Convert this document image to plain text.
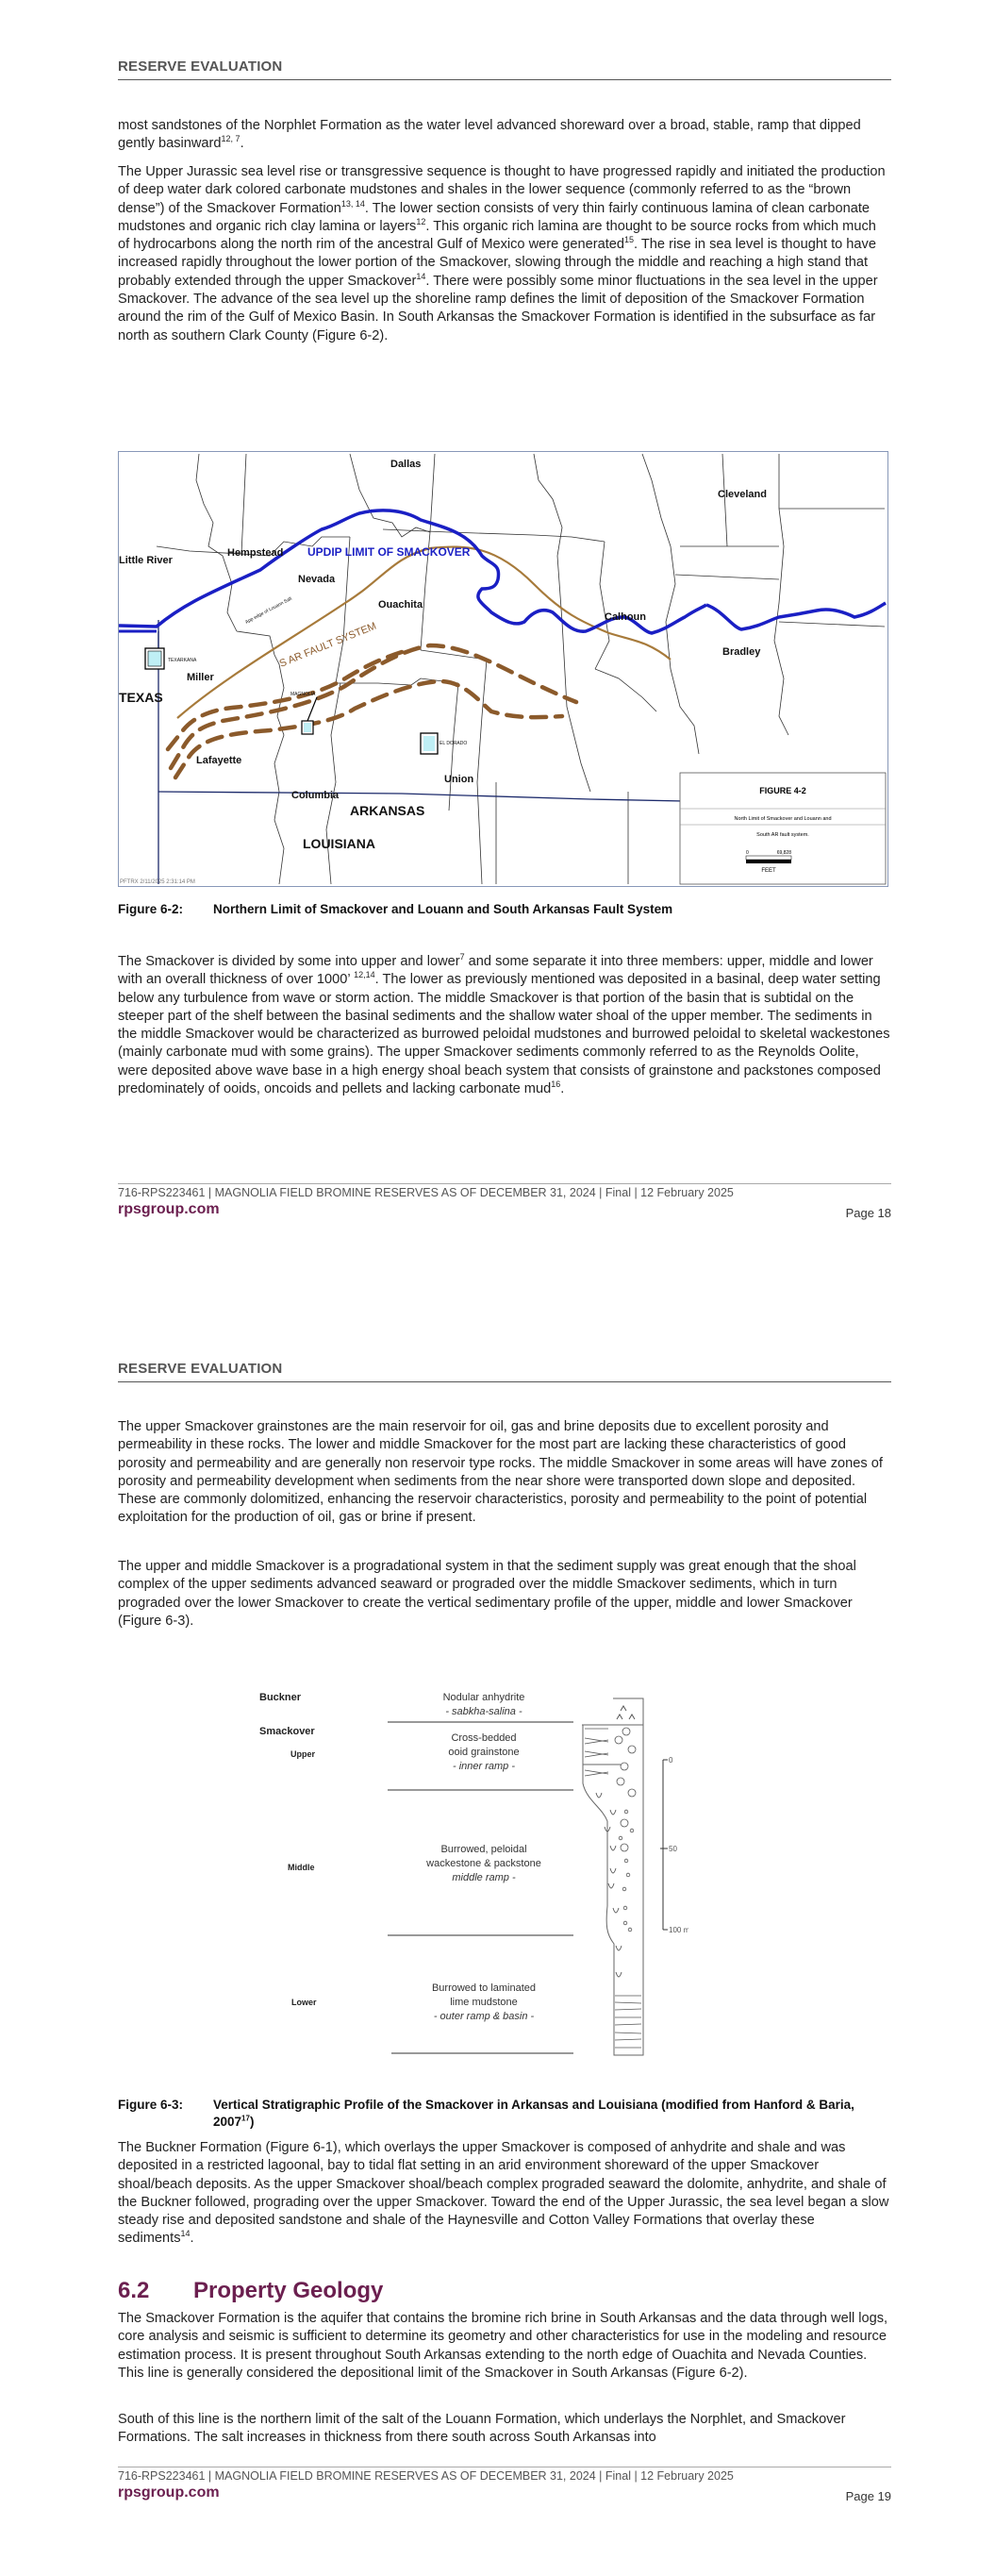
RESERVE EVALUATION

most sandstones of the Norphlet Formation as the water level advanced shoreward over a broad, stable, ramp that dipped gently basinward$^{12, 7}$.

The Upper Jurassic sea level rise or transgressive sequence is thought to have progressed rapidly and initiated the production of deep water dark colored carbonate mudstones and shales in the lower sequence (commonly referred to as the “brown dense”) of the Smackover Formation$^{13, 14}$. The lower section consists of very thin fairly continuous lamina of clean carbonate mudstones and organic rich clay lamina or layers$^{12}$. This organic rich lamina are thought to be source rocks from which much of hydrocarbons along the north rim of the ancestral Gulf of Mexico were generated$^{15}$. The rise in sea level is thought to have increased rapidly throughout the lower portion of the Smackover, slowing through the middle and reaching a high stand that probably extended through the upper Smackover$^{14}$. There were possibly some minor fluctuations in the sea level in the upper Smackover. The advance of the sea level up the shoreline ramp defines the limit of deposition of the Smackover Formation around the rim of the Gulf of Mexico Basin. In South Arkansas the Smackover Formation is identified in the subsurface as far north as southern Clark County (Figure 6-2).

Dallas
Cleveland
Little River
Hempstead
Nevada
Ouachita
Calhoun
Bradley
Miller
Lafayette
Columbia
Union
TEXAS
ARKANSAS
LOUISIANA
UPDIP LIMIT OF SMACKOVER
TEXARKANA
MAGNOLIA
EL DORADO
App edge of Louann Salt
S AR FAULT SYSTEM
FIGURE 4-2
North Limit of Smackover and Louann and
South AR fault system.
0	69,828
FEET
PFTRX 2/11/2025 2:31:14 PM
Figure 6-2: Northern Limit of Smackover and Louann and South Arkansas Fault System

The Smackover is divided by some into upper and lower$^7$ and some separate it into three members: upper, middle and lower with an overall thickness of over 1000’ $^{12,14}$. The lower as previously mentioned was deposited in a basinal, deep water setting below any turbulence from wave or storm action. The middle Smackover is that portion of the basin that is subtidal on the steeper part of the shelf between the basinal sediments and the shallow water shoal of the upper member. The sediments in the middle Smackover would be characterized as burrowed peloidal mudstones and burrowed peloidal to skeletal wackestones (mainly carbonate mud with some grains). The upper Smackover sediments commonly referred to as the Reynolds Oolite, were deposited above wave base in a high energy shoal beach system that consists of grainstone and packstones composed predominately of ooids, oncoids and pellets and lacking carbonate mud$^{16}$.

716-RPS223461 | MAGNOLIA FIELD BROMINE RESERVES AS OF DECEMBER 31, 2024 | Final | 12 February 2025
rpsgroup.com	Page 18
RESERVE EVALUATION

The upper Smackover grainstones are the main reservoir for oil, gas and brine deposits due to excellent porosity and permeability in these rocks. The lower and middle Smackover for the most part are lacking these characteristics of good porosity and permeability and are generally non reservoir type rocks. The middle Smackover in some areas will have zones of porosity and permeability development when sediments from the near shore were transported down slope and deposited. These are commonly dolomitized, enhancing the reservoir characteristics, porosity and permeability to the point of potential exploitation for the production of oil, gas or brine if present.

The upper and middle Smackover is a progradational system in that the sediment supply was great enough that the shoal complex of the upper sediments advanced seaward or prograded over the middle Smackover sediments, which in turn prograded over the lower Smackover to create the vertical sedimentary profile of the upper, middle and lower Smackover (Figure 6-3).

Buckner
Smackover
Upper
Middle
Lower
Nodular anhydrite
- sabkha-salina -
Cross-bedded
ooid grainstone
- inner ramp -
Burrowed, peloidal
wackestone & packstone
middle ramp -
Burrowed to laminated
lime mudstone
- outer ramp & basin -
0
50
100 m
Figure 6-3: Vertical Stratigraphic Profile of the Smackover in Arkansas and Louisiana (modified from Hanford & Baria, 2007$^{17}$)

The Buckner Formation (Figure 6-1), which overlays the upper Smackover is composed of anhydrite and shale and was deposited in a restricted lagoonal, bay to tidal flat setting in an arid environment shoreward of the upper Smackover shoal/beach deposits. As the upper Smackover shoal/beach complex prograded seaward the dolomite, anhydrite, and shale of the Buckner followed, prograding over the upper Smackover. Toward the end of the Upper Jurassic, the sea level began a slow steady rise and deposited sandstone and shale of the Haynesville and Cotton Valley Formations that overlay these sediments$^{14}$.

6.2 Property Geology

The Smackover Formation is the aquifer that contains the bromine rich brine in South Arkansas and the data through well logs, core analysis and seismic is sufficient to determine its geometry and other characteristics for use in the modeling and resource estimation process. It is present throughout South Arkansas extending to the north edge of Ouachita and Nevada Counties. This line is generally considered the depositional limit of the Smackover in South Arkansas (Figure 6-2).

South of this line is the northern limit of the salt of the Louann Formation, which underlays the Norphlet, and Smackover Formations. The salt increases in thickness from there south across South Arkansas into

716-RPS223461 | MAGNOLIA FIELD BROMINE RESERVES AS OF DECEMBER 31, 2024 | Final | 12 February 2025
rpsgroup.com	Page 19
